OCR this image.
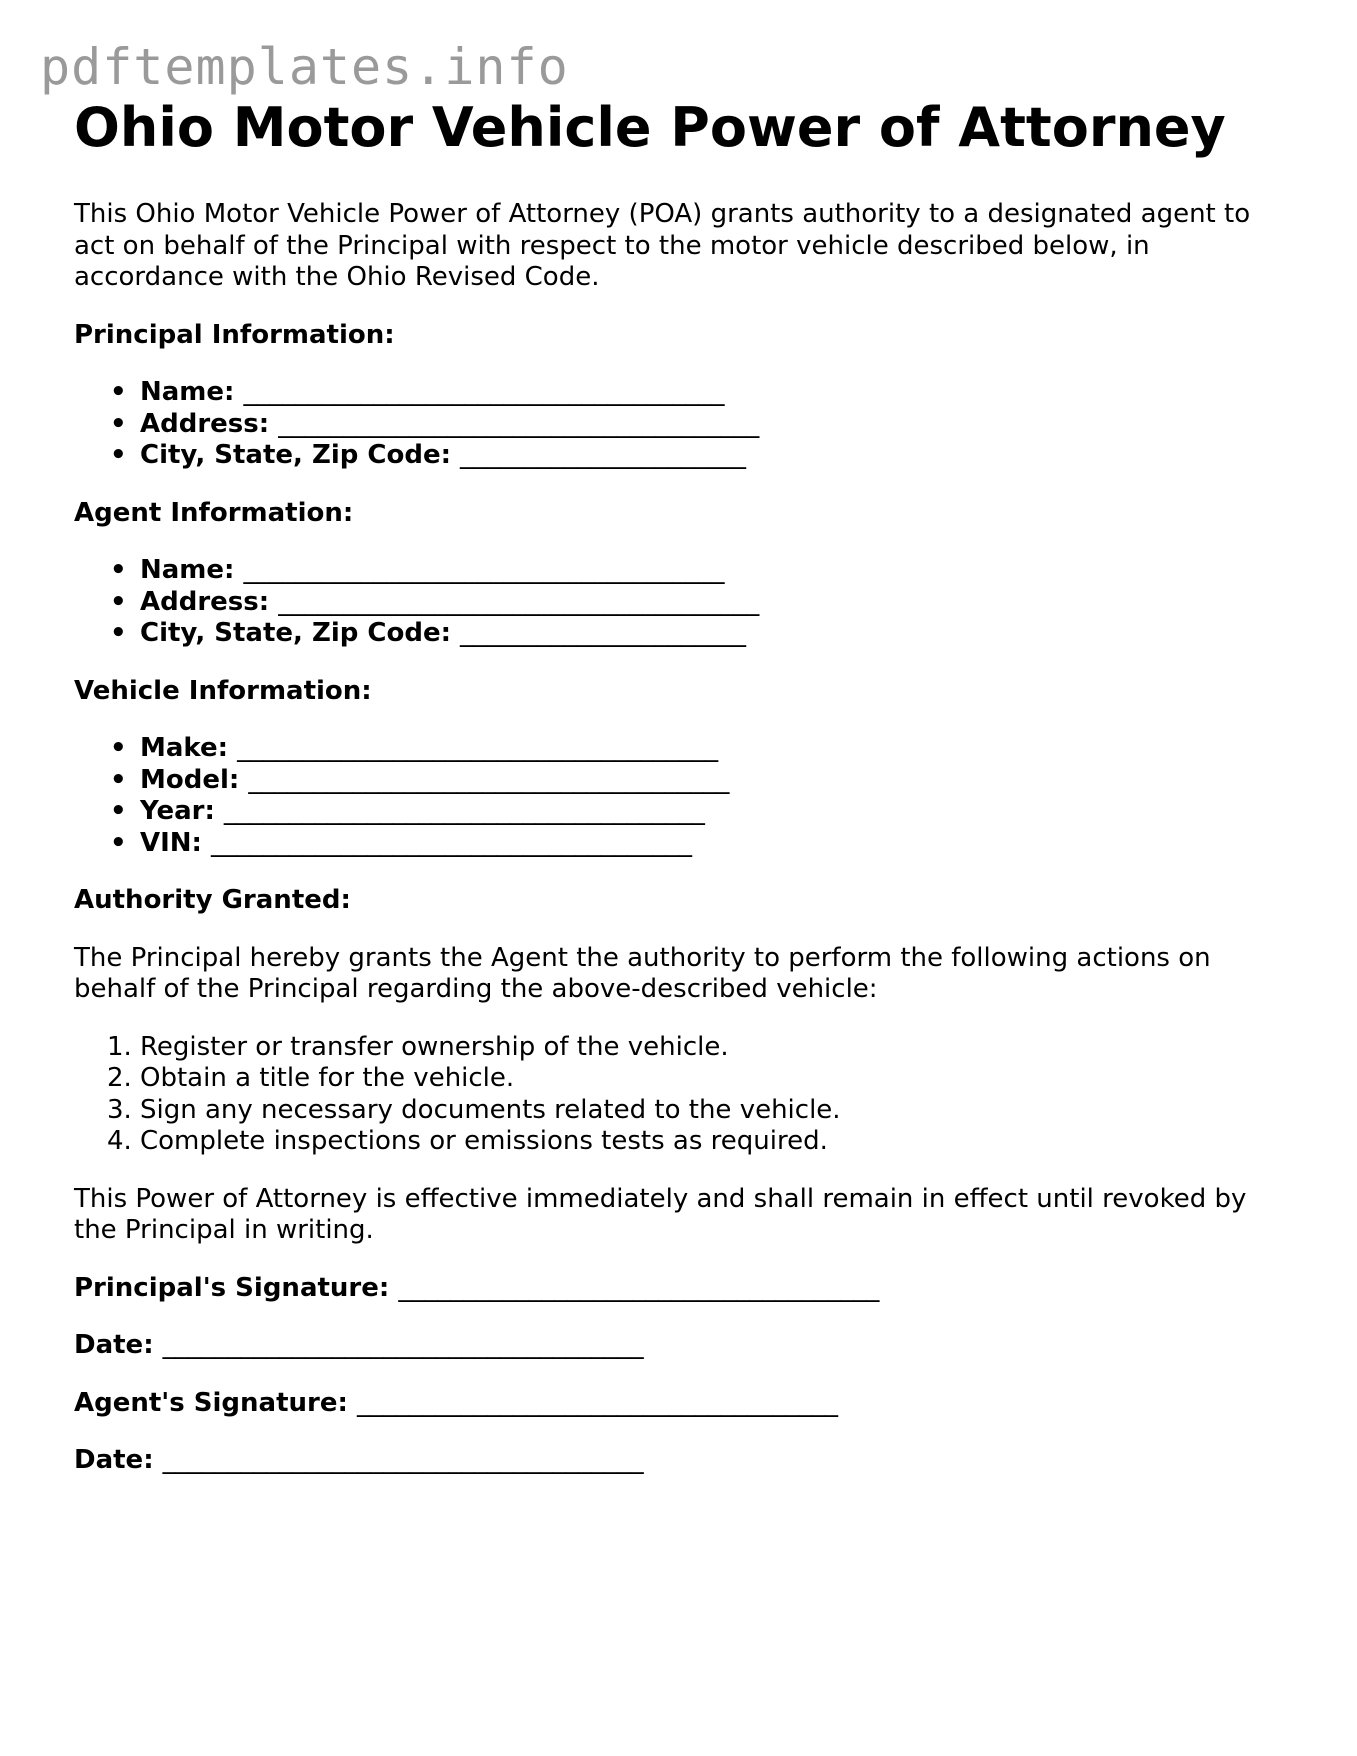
pdftemplates.info
Ohio Motor Vehicle Power of Attorney

This Ohio Motor Vehicle Power of Attorney (POA) grants authority to a designated agent to act on behalf of the Principal with respect to the motor vehicle described below, in accordance with the Ohio Revised Code.

Principal Information:

• Name: _____________________________________
• Address: _____________________________________
• City, State, Zip Code: ______________________

Agent Information:

• Name: _____________________________________
• Address: _____________________________________
• City, State, Zip Code: ______________________

Vehicle Information:

• Make: _____________________________________
• Model: _____________________________________
• Year: _____________________________________
• VIN: _____________________________________

Authority Granted:

The Principal hereby grants the Agent the authority to perform the following actions on behalf of the Principal regarding the above-described vehicle:

1. Register or transfer ownership of the vehicle.
2. Obtain a title for the vehicle.
3. Sign any necessary documents related to the vehicle.
4. Complete inspections or emissions tests as required.

This Power of Attorney is effective immediately and shall remain in effect until revoked by the Principal in writing.

Principal's Signature: _____________________________________

Date: _____________________________________

Agent's Signature: _____________________________________

Date: _____________________________________
